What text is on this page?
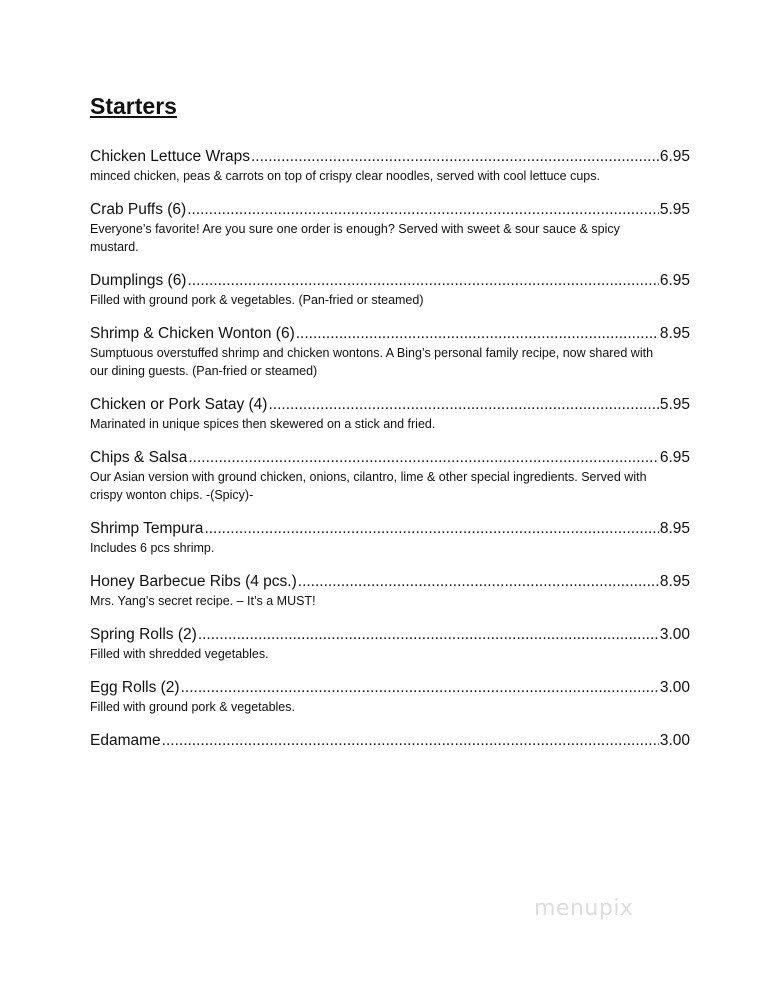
Starters
Chicken Lettuce Wraps .....	6.95
minced chicken, peas & carrots on top of crispy clear noodles, served with cool lettuce cups.
Crab Puffs (6) .....	5.95
Everyone’s favorite! Are you sure one order is enough? Served with sweet & sour sauce & spicy mustard.
Dumplings (6) .....	6.95
Filled with ground pork & vegetables. (Pan-fried or steamed)
Shrimp & Chicken Wonton (6) .....	8.95
Sumptuous overstuffed shrimp and chicken wontons. A Bing’s personal family recipe, now shared with our dining guests. (Pan-fried or steamed)
Chicken or Pork Satay (4) .....	5.95
Marinated in unique spices then skewered on a stick and fried.
Chips & Salsa .....	6.95
Our Asian version with ground chicken, onions, cilantro, lime & other special ingredients. Served with crispy wonton chips. -(Spicy)-
Shrimp Tempura .....	8.95
Includes 6 pcs shrimp.
Honey Barbecue Ribs (4 pcs.) .....	8.95
Mrs. Yang’s secret recipe. – It’s a MUST!
Spring Rolls (2) .....	3.00
Filled with shredded vegetables.
Egg Rolls (2) .....	3.00
Filled with ground pork & vegetables.
Edamame .....	3.00
menupix
